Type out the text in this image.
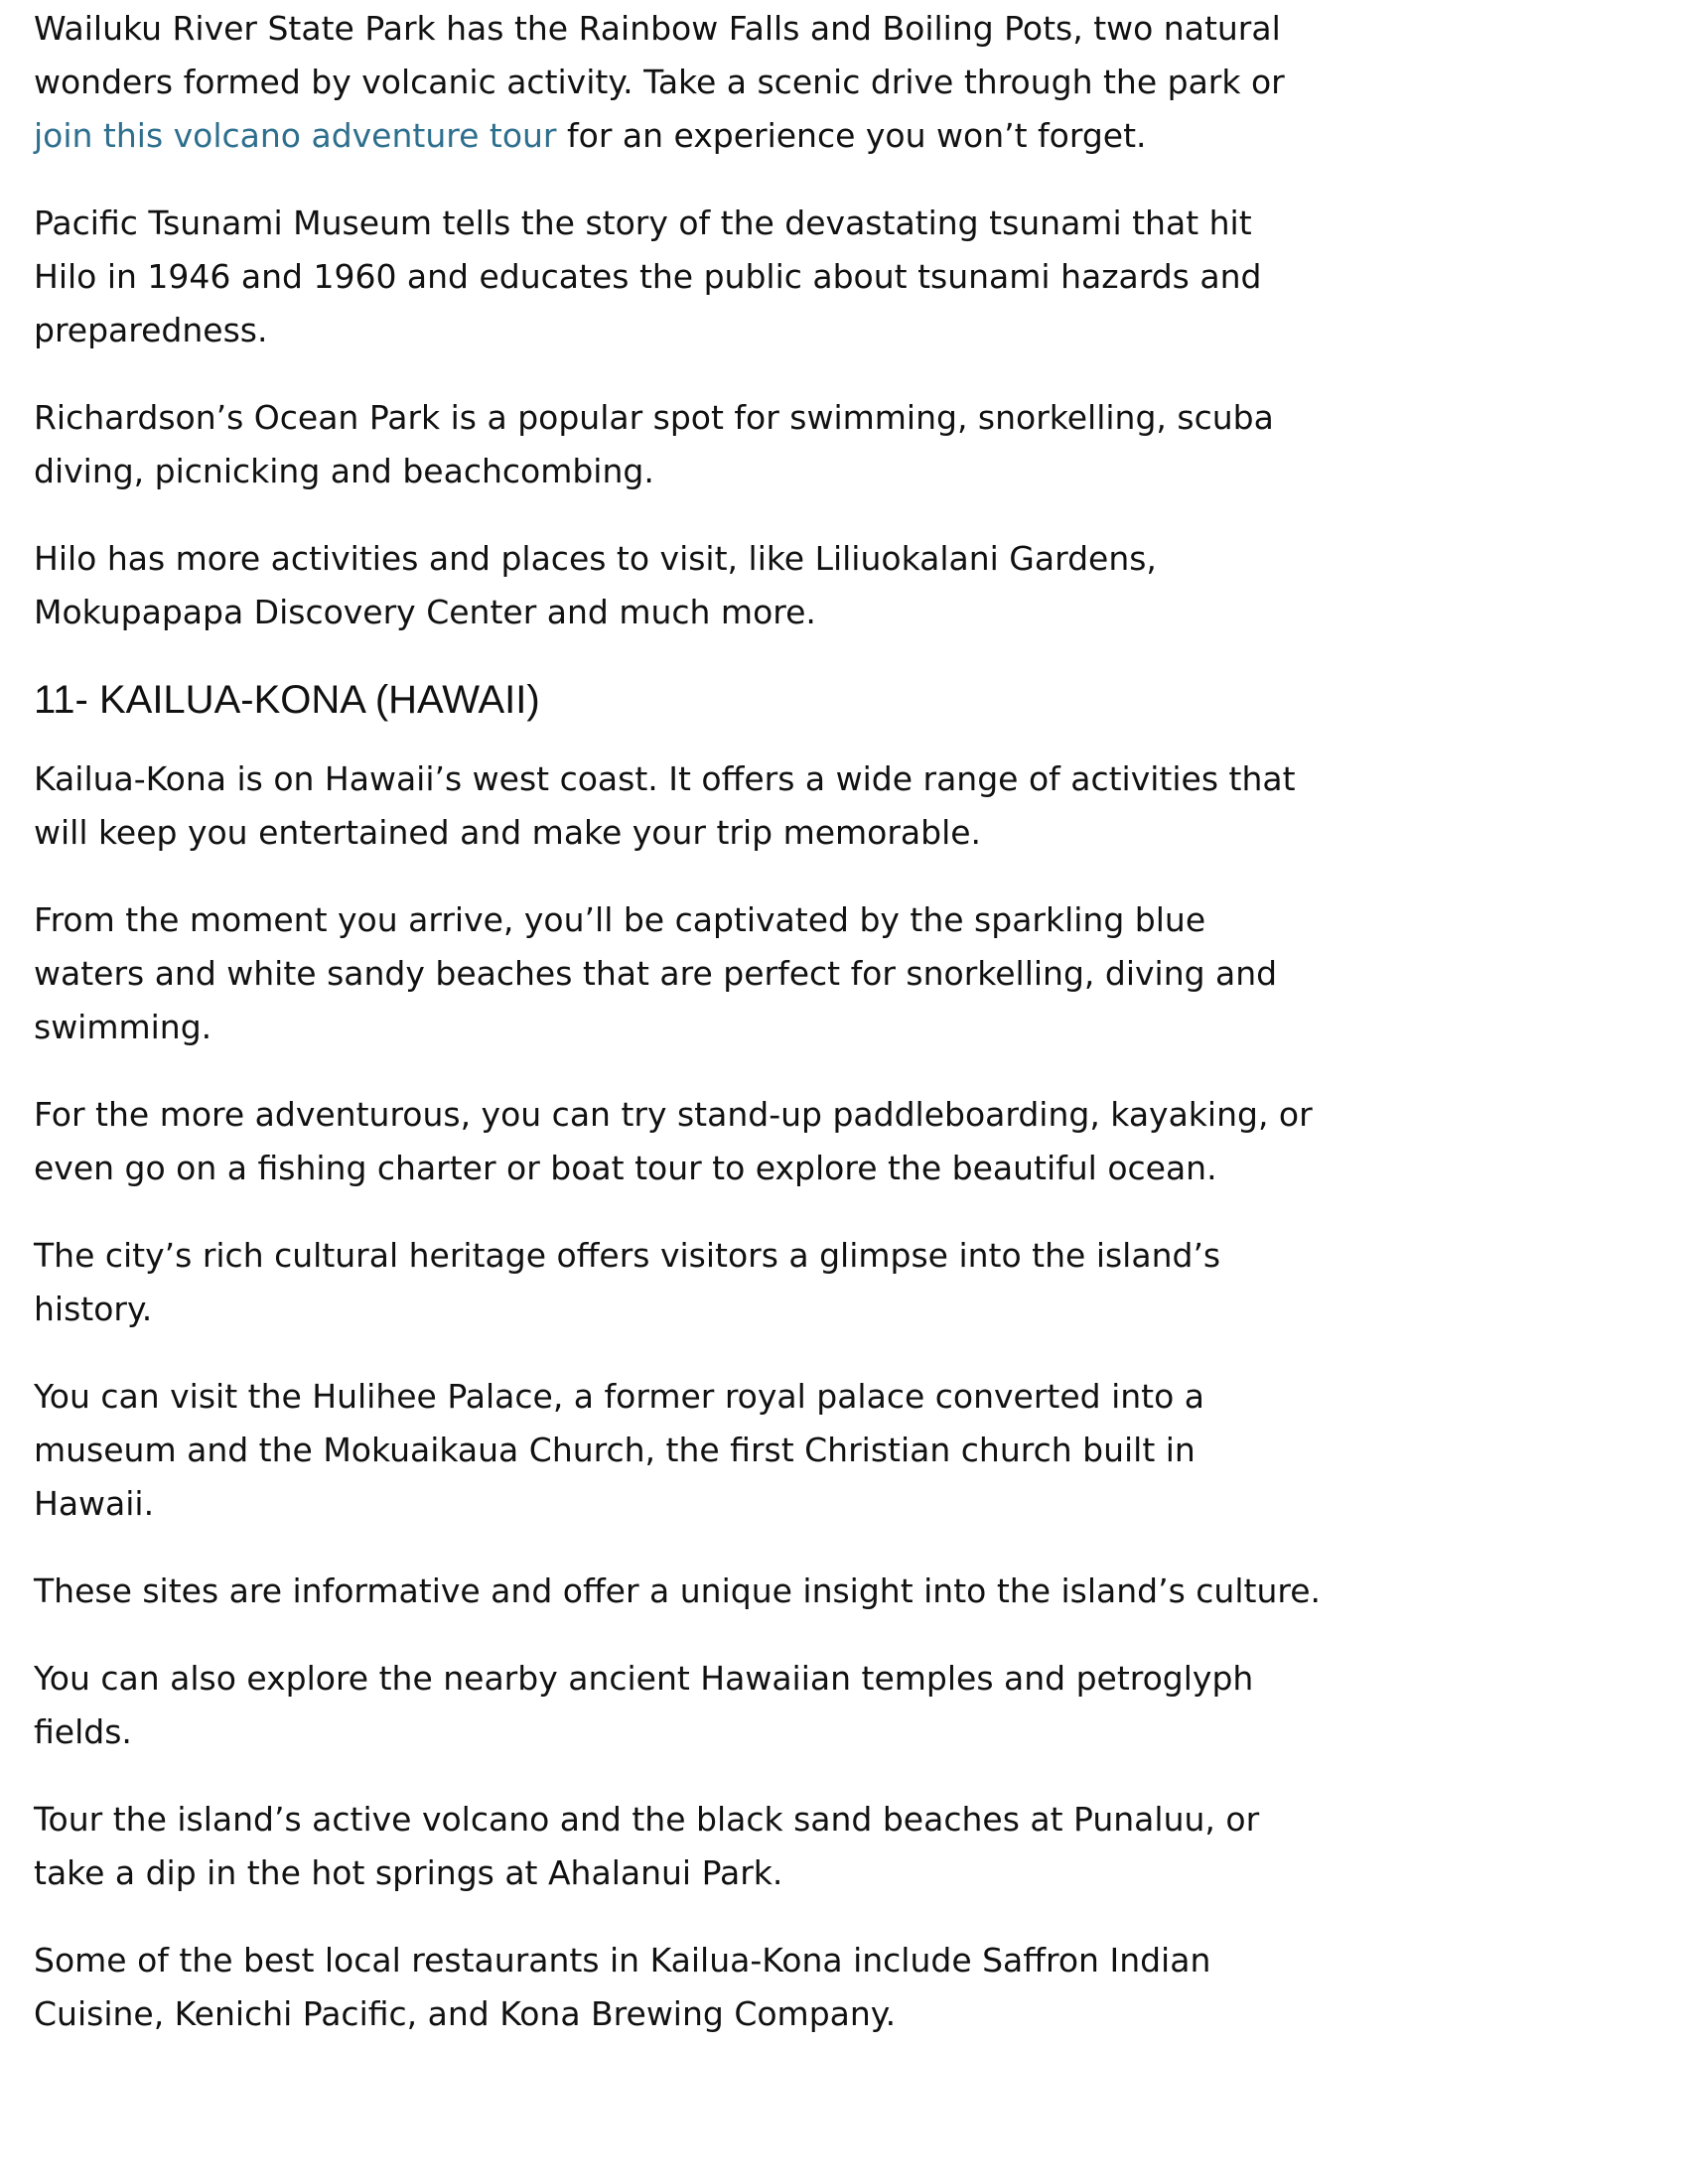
Wailuku River State Park has the Rainbow Falls and Boiling Pots, two natural wonders formed by volcanic activity. Take a scenic drive through the park or join this volcano adventure tour for an experience you won’t forget.

Pacific Tsunami Museum tells the story of the devastating tsunami that hit Hilo in 1946 and 1960 and educates the public about tsunami hazards and preparedness.

Richardson’s Ocean Park is a popular spot for swimming, snorkelling, scuba diving, picnicking and beachcombing.

Hilo has more activities and places to visit, like Liliuokalani Gardens, Mokupapapa Discovery Center and much more.

11- KAILUA-KONA (HAWAII)

Kailua-Kona is on Hawaii’s west coast. It offers a wide range of activities that will keep you entertained and make your trip memorable.

From the moment you arrive, you’ll be captivated by the sparkling blue waters and white sandy beaches that are perfect for snorkelling, diving and swimming.

For the more adventurous, you can try stand-up paddleboarding, kayaking, or even go on a fishing charter or boat tour to explore the beautiful ocean.

The city’s rich cultural heritage offers visitors a glimpse into the island’s history.

You can visit the Hulihee Palace, a former royal palace converted into a museum and the Mokuaikaua Church, the first Christian church built in Hawaii.

These sites are informative and offer a unique insight into the island’s culture.

You can also explore the nearby ancient Hawaiian temples and petroglyph fields.

Tour the island’s active volcano and the black sand beaches at Punaluu, or take a dip in the hot springs at Ahalanui Park.

Some of the best local restaurants in Kailua-Kona include Saffron Indian Cuisine, Kenichi Pacific, and Kona Brewing Company.
